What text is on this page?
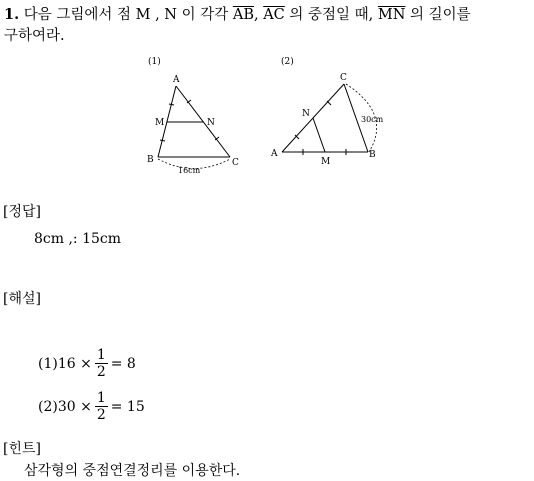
1. 다음 그림에서 점 M , N 이 각각 $\overline{AB}$, $\overline{AC}$ 의 중점일 때, $\overline{MN}$ 의 길이를
구하여라.
(1)
A
M	N
B	C
16cm
(2)
C
N
A
M
B
30cm
[정답]
8cm ,: 15cm
[해설]
$(1)16 \times \frac{1}{2} = 8$
$(2)30 \times \frac{1}{2} = 15$
[힌트]
삼각형의 중점연결정리를 이용한다.
